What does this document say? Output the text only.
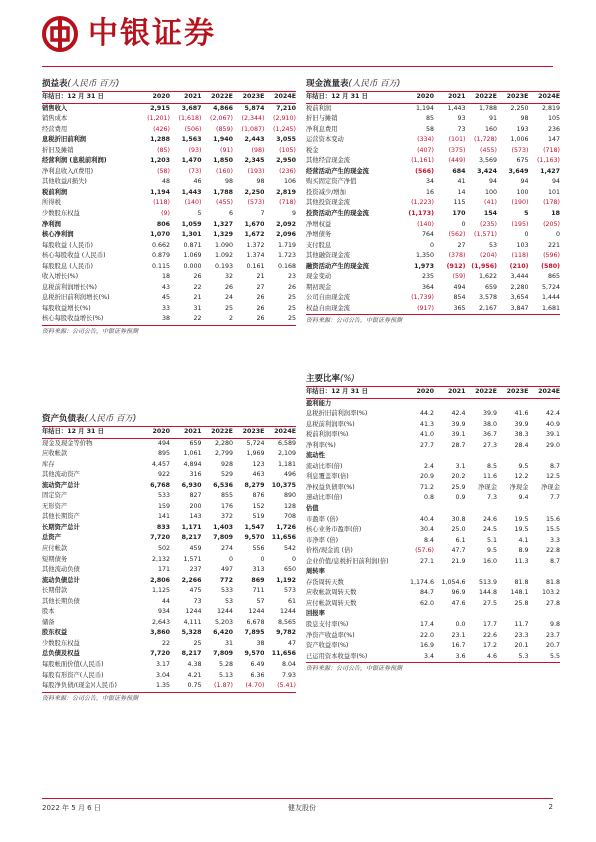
中银证券
损益表(人民币 百万)
年结日：12 月 31 日	2020	2021	2022E	2023E	2024E
销售收入	2,915	3,687	4,866	5,874	7,210
销售成本	(1,201)	(1,618)	(2,067)	(2,344)	(2,910)
经营费用	(426)	(506)	(859)	(1,087)	(1,245)
息税折旧前利润	1,288	1,563	1,940	2,443	3,055
折旧及摊销	(85)	(93)	(91)	(98)	(105)
经营利润 (息税前利润)	1,203	1,470	1,850	2,345	2,950
净利息收入/(费用)	(58)	(73)	(160)	(193)	(236)
其他收益/(损失)	48	46	98	98	106
税前利润	1,194	1,443	1,788	2,250	2,819
所得税	(118)	(140)	(455)	(573)	(718)
少数股东权益	(9)	5	6	7	9
净利润	806	1,059	1,327	1,670	2,092
核心净利润	1,070	1,301	1,329	1,672	2,096
每股收益 (人民币)	0.662	0.871	1.090	1.372	1.719
核心每股收益 (人民币)	0.879	1.069	1.092	1.374	1.723
每股股息 (人民币)	0.115	0.000	0.193	0.161	0.168
收入增长(%)	18	26	32	21	23
息税前利润增长(%)	43	22	26	27	26
息税折旧前利润增长(%)	45	21	24	26	25
每股收益增长(%)	33	31	25	26	25
核心每股收益增长(%)	38	22	2	26	25
资料来源：公司公告，中银证券预测
现金流量表(人民币 百万)
年结日：12 月 31 日	2020	2021	2022E	2023E	2024E
税前利润	1,194	1,443	1,788	2,250	2,819
折旧与摊销	85	93	91	98	105
净利息费用	58	73	160	193	236
运营资本变动	(334)	(101)	(1,728)	1,006	147
税金	(407)	(375)	(455)	(573)	(718)
其他经营现金流	(1,161)	(449)	3,569	675	(1,163)
经营活动产生的现金流	(566)	684	3,424	3,649	1,427
购买固定资产净值	34	41	94	94	94
投资减少/增加	16	14	100	100	101
其他投资现金流	(1,223)	115	(41)	(190)	(178)
投资活动产生的现金流	(1,173)	170	154	5	18
净增权益	(140)	0	(235)	(195)	(205)
净增债务	764	(562)	(1,571)	0	0
支付股息	0	27	53	103	221
其他融资现金流	1,350	(378)	(204)	(118)	(596)
融资活动产生的现金流	1,973	(912)	(1,956)	(210)	(580)
现金变动	235	(59)	1,622	3,444	865
期初现金	364	494	659	2,280	5,724
公司自由现金流	(1,739)	854	3,578	3,654	1,444
权益自由现金流	(917)	365	2,167	3,847	1,681
资料来源：公司公告，中银证券预测
资产负债表(人民币 百万)
年结日：12 月 31 日	2020	2021	2022E	2023E	2024E
现金及现金等价物	494	659	2,280	5,724	6,589
应收帐款	895	1,061	2,799	1,969	2,109
库存	4,457	4,894	928	123	1,181
其他流动资产	922	316	529	463	496
流动资产总计	6,768	6,930	6,536	8,279	10,375
固定资产	533	827	855	876	890
无形资产	159	200	176	152	128
其他长期资产	141	143	372	519	708
长期资产总计	833	1,171	1,403	1,547	1,726
总资产	7,720	8,217	7,809	9,570	11,656
应付帐款	502	459	274	556	542
短期债务	2,132	1,571	0	0	0
其他流动负债	171	237	497	313	650
流动负债总计	2,806	2,266	772	869	1,192
长期借款	1,125	475	533	711	573
其他长期负债	44	73	53	57	61
股本	934	1244	1244	1244	1244
储备	2,643	4,111	5,203	6,678	8,565
股东权益	3,860	5,328	6,420	7,895	9,782
少数股东权益	22	25	31	38	47
总负债及权益	7,720	8,217	7,809	9,570	11,656
每股帐面价值(人民币)	3.17	4.38	5.28	6.49	8.04
每股有形资产(人民币)	3.04	4.21	5.13	6.36	7.93
每股净负债/(现金)(人民币)	1.35	0.75	(1.87)	(4.70)	(5.41)
资料来源：公司公告，中银证券预测
主要比率(%)
年结日：12 月 31 日	2020	2021	2022E	2023E	2024E
盈利能力					
息税折旧前利润率(%)	44.2	42.4	39.9	41.6	42.4
息税前利润率(%)	41.3	39.9	38.0	39.9	40.9
税前利润率(%)	41.0	39.1	36.7	38.3	39.1
净利率(%)	27.7	28.7	27.3	28.4	29.0
流动性					
流动比率(倍)	2.4	3.1	8.5	9.5	8.7
利息覆盖率(倍)	20.9	20.2	11.6	12.2	12.5
净权益负债率(%)	71.2	25.9	净现金	净现金	净现金
速动比率(倍)	0.8	0.9	7.3	9.4	7.7
估值					
市盈率 (倍)	40.4	30.8	24.6	19.5	15.6
核心业务市盈率(倍)	30.4	25.0	24.5	19.5	15.5
市净率 (倍)	8.4	6.1	5.1	4.1	3.3
价格/现金流 (倍)	(57.6)	47.7	9.5	8.9	22.8
企业价值/息税折旧前利润(倍)	27.1	21.9	16.0	11.3	8.7
周转率					
存货周转天数	1,174.6	1,054.6	513.9	81.8	81.8
应收帐款周转天数	84.7	96.9	144.8	148.1	103.2
应付帐款周转天数	62.0	47.6	27.5	25.8	27.8
回报率					
股息支付率(%)	17.4	0.0	17.7	11.7	9.8
净资产收益率(%)	22.0	23.1	22.6	23.3	23.7
资产收益率(%)	16.9	16.7	17.2	20.1	20.7
已运用资本收益率(%)	3.4	3.6	4.6	5.3	5.5
资料来源：公司公告，中银证券预测
2022 年 5 月 6 日	健友股份	2
